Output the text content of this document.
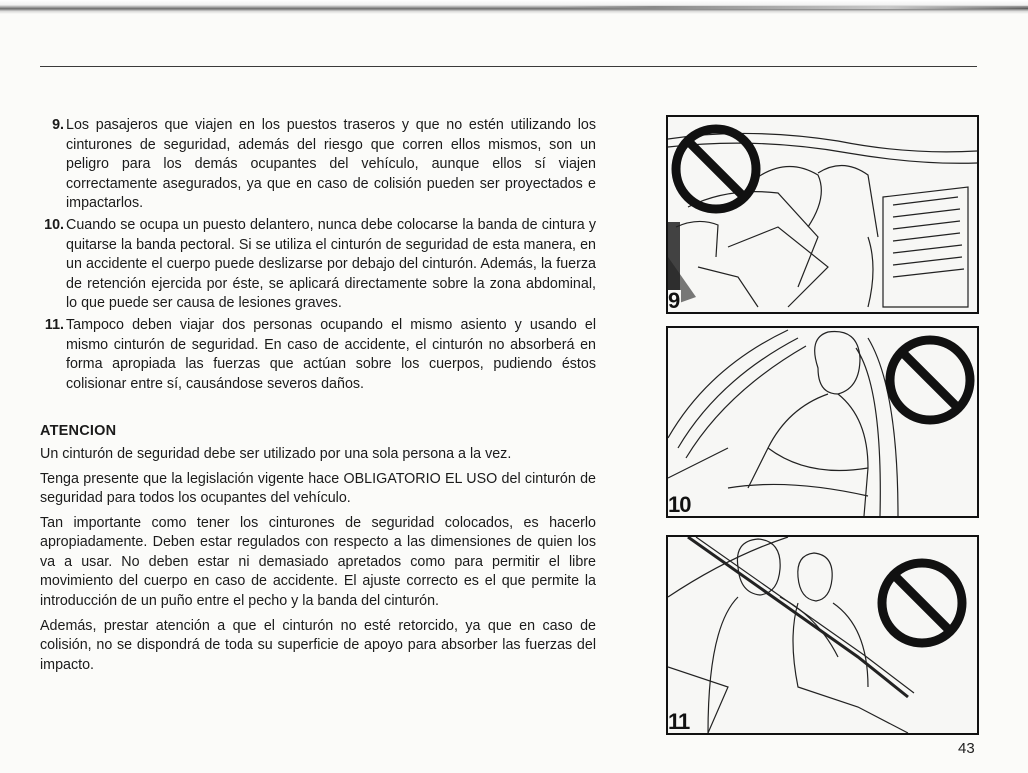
9. Los pasajeros que viajen en los puestos traseros y que no estén utilizando los cinturones de seguridad, además del riesgo que corren ellos mismos, son un peligro para los demás ocupantes del vehículo, aunque ellos sí viajen correctamente asegurados, ya que en caso de colisión pueden ser proyectados e impactarlos.
10. Cuando se ocupa un puesto delantero, nunca debe colocarse la banda de cintura y quitarse la banda pectoral. Si se utiliza el cinturón de seguridad de esta manera, en un accidente el cuerpo puede deslizarse por debajo del cinturón. Además, la fuerza de retención ejercida por éste, se aplicará directamente sobre la zona abdominal, lo que puede ser causa de lesiones graves.
11. Tampoco deben viajar dos personas ocupando el mismo asiento y usando el mismo cinturón de seguridad. En caso de accidente, el cinturón no absorberá en forma apropiada las fuerzas que actúan sobre los cuerpos, pudiendo éstos colisionar entre sí, causándose severos daños.
ATENCION

Un cinturón de seguridad debe ser utilizado por una sola persona a la vez.

Tenga presente que la legislación vigente hace OBLIGATORIO EL USO del cinturón de seguridad para todos los ocupantes del vehículo.

Tan importante como tener los cinturones de seguridad colocados, es hacerlo apropiadamente. Deben estar regulados con respecto a las dimensiones de quien los va a usar. No deben estar ni demasiado apretados como para permitir el libre movimiento del cuerpo en caso de accidente. El ajuste correcto es el que permite la introducción de un puño entre el pecho y la banda del cinturón.

Además, prestar atención a que el cinturón no esté retorcido, ya que en caso de colisión, no se dispondrá de toda su superficie de apoyo para absorber las fuerzas del impacto.

9
10
11
43
